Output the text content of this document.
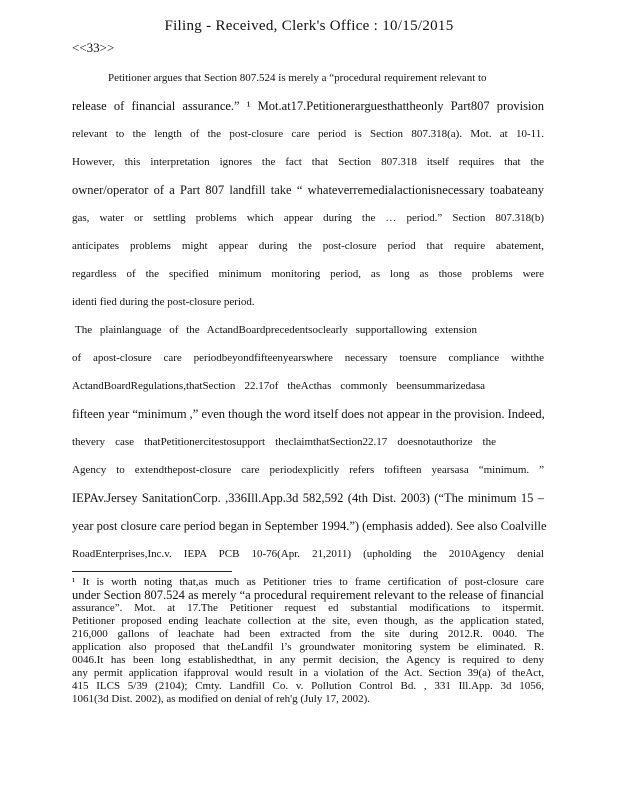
Filing - Received, Clerk's Office : 10/15/2015
<<33>>
Petitioner argues that Section 807.524 is merely a “procedural requirement relevant to
release of financial assurance.” ¹ Mot.at17.Petitionerarguesthattheonly Part807 provision
relevant to the length of the post-closure care period is Section 807.318(a). Mot. at 10-11.
However, this interpretation ignores the fact that Section 807.318 itself requires that the
owner/operator of a Part 807 landfill take “ whateverremedialactionisnecessary toabateany
gas, water or settling problems which appear during the … period.” Section 807.318(b)
anticipates problems might appear during the post-closure period that require abatement,
regardless of the specified minimum monitoring period, as long as those problems were
identi fied during the post-closure period.
The plainlanguage of the ActandBoardprecedentsoclearly supportallowing extension
of apost-closure care periodbeyondfifteenyearswhere necessary toensure compliance withthe
ActandBoardRegulations,thatSection 22.17of theActhas commonly beensummarizedasa
fifteen year “minimum ,” even though the word itself does not appear in the provision. Indeed,
thevery case thatPetitionercitestosupport theclaimthatSection22.17 doesnotauthorize the
Agency to extendthepost-closure care periodexplicitly refers tofifteen yearsasa “minimum. ”
IEPAv.Jersey SanitationCorp. ,336Ill.App.3d 582,592 (4th Dist. 2003) (“The minimum 15 –
year post closure care period began in September 1994.”) (emphasis added). See also Coalville
RoadEnterprises,Inc.v. IEPA PCB 10-76(Apr. 21,2011) (upholding the 2010Agency denial
¹ It is worth noting that,as much as Petitioner tries to frame certification of post-closure care
under Section 807.524 as merely “a procedural requirement relevant to the release of financial
assurance”. Mot. at 17.The Petitioner request ed substantial modifications to itspermit.
Petitioner proposed ending leachate collection at the site, even though, as the application stated,
216,000 gallons of leachate had been extracted from the site during 2012.R. 0040. The
application also proposed that theLandfil l’s groundwater monitoring system be eliminated. R.
0046.It has been long establishedthat, in any permit decision, the Agency is required to deny
any permit application ifapproval would result in a violation of the Act. Section 39(a) of theAct,
415 ILCS 5/39 (2104); Cmty. Landfill Co. v. Pollution Control Bd. , 331 Ill.App. 3d 1056,
1061(3d Dist. 2002), as modified on denial of reh'g (July 17, 2002).
